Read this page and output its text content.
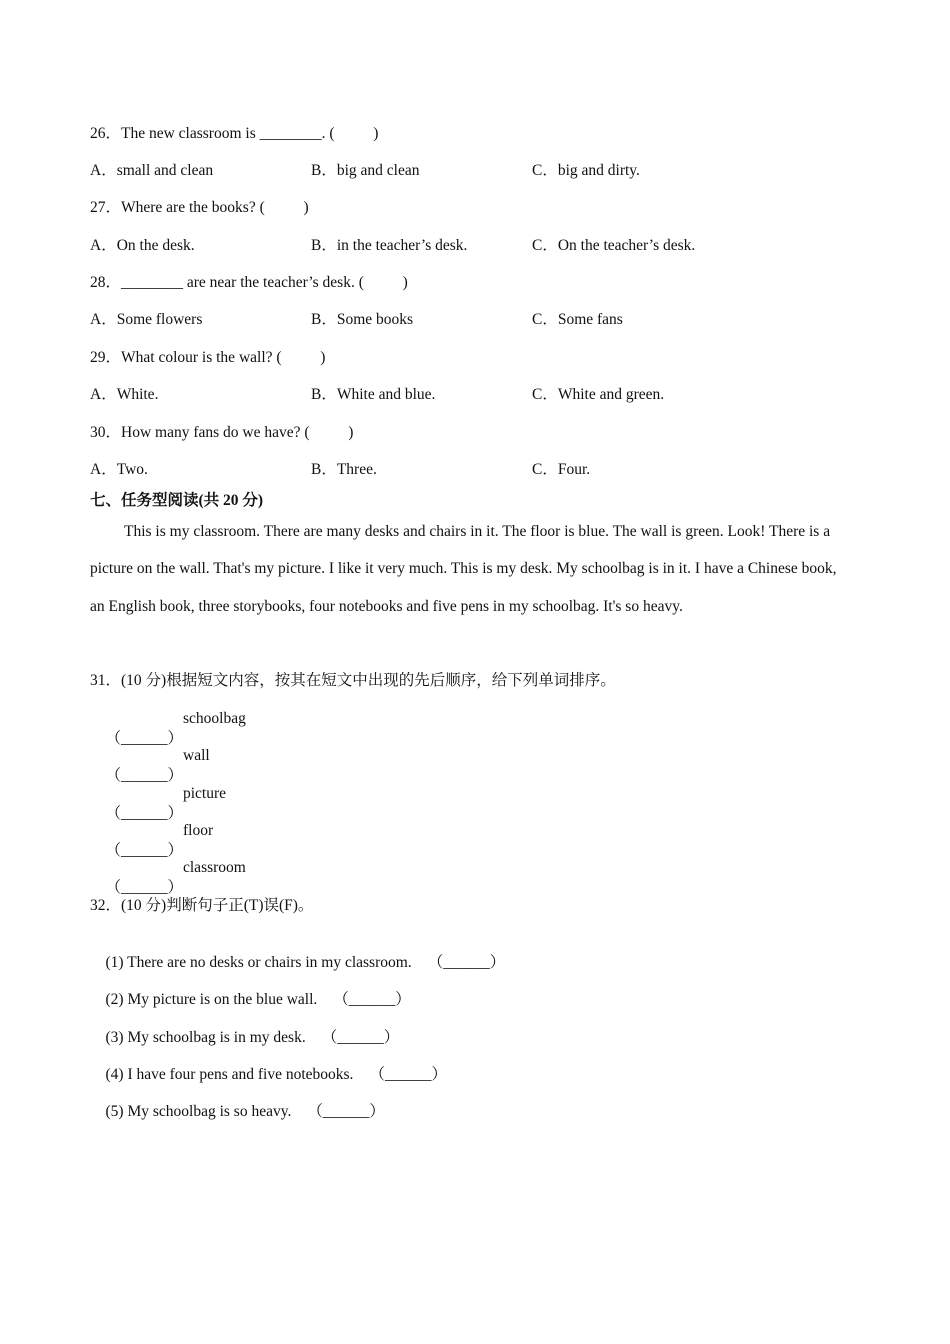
26．The new classroom is ________. (          )
A．small and clean	B．big and clean	C．big and dirty.
27．Where are the books? (          )
A．On the desk.	B．in the teacher’s desk.	C．On the teacher’s desk.
28．________ are near the teacher’s desk. (          )
A．Some flowers	B．Some books	C．Some fans
29．What colour is the wall? (          )
A．White.	B．White and blue.	C．White and green.
30．How many fans do we have? (          )
A．Two.	B．Three.	C．Four.
七、任务型阅读(共 20 分)
This is my classroom. There are many desks and chairs in it. The floor is blue. The wall is green. Look! There is a picture on the wall. That's my picture. I like it very much. This is my desk. My schoolbag is in it. I have a Chinese book, an English book, three storybooks, four notebooks and five pens in my schoolbag. It's so heavy.
31．(10 分)根据短文内容，按其在短文中出现的先后顺序，给下列单词排序。

（______）
schoolbag

（______）
wall

（______）
picture

（______）
floor

（______）
classroom

32．(10 分)判断句子正(T)误(F)。

(1) There are no desks or chairs in my classroom. （______）

(2) My picture is on the blue wall. （______）

(3) My schoolbag is in my desk. （______）

(4) I have four pens and five notebooks. （______）

(5) My schoolbag is so heavy. （______）
